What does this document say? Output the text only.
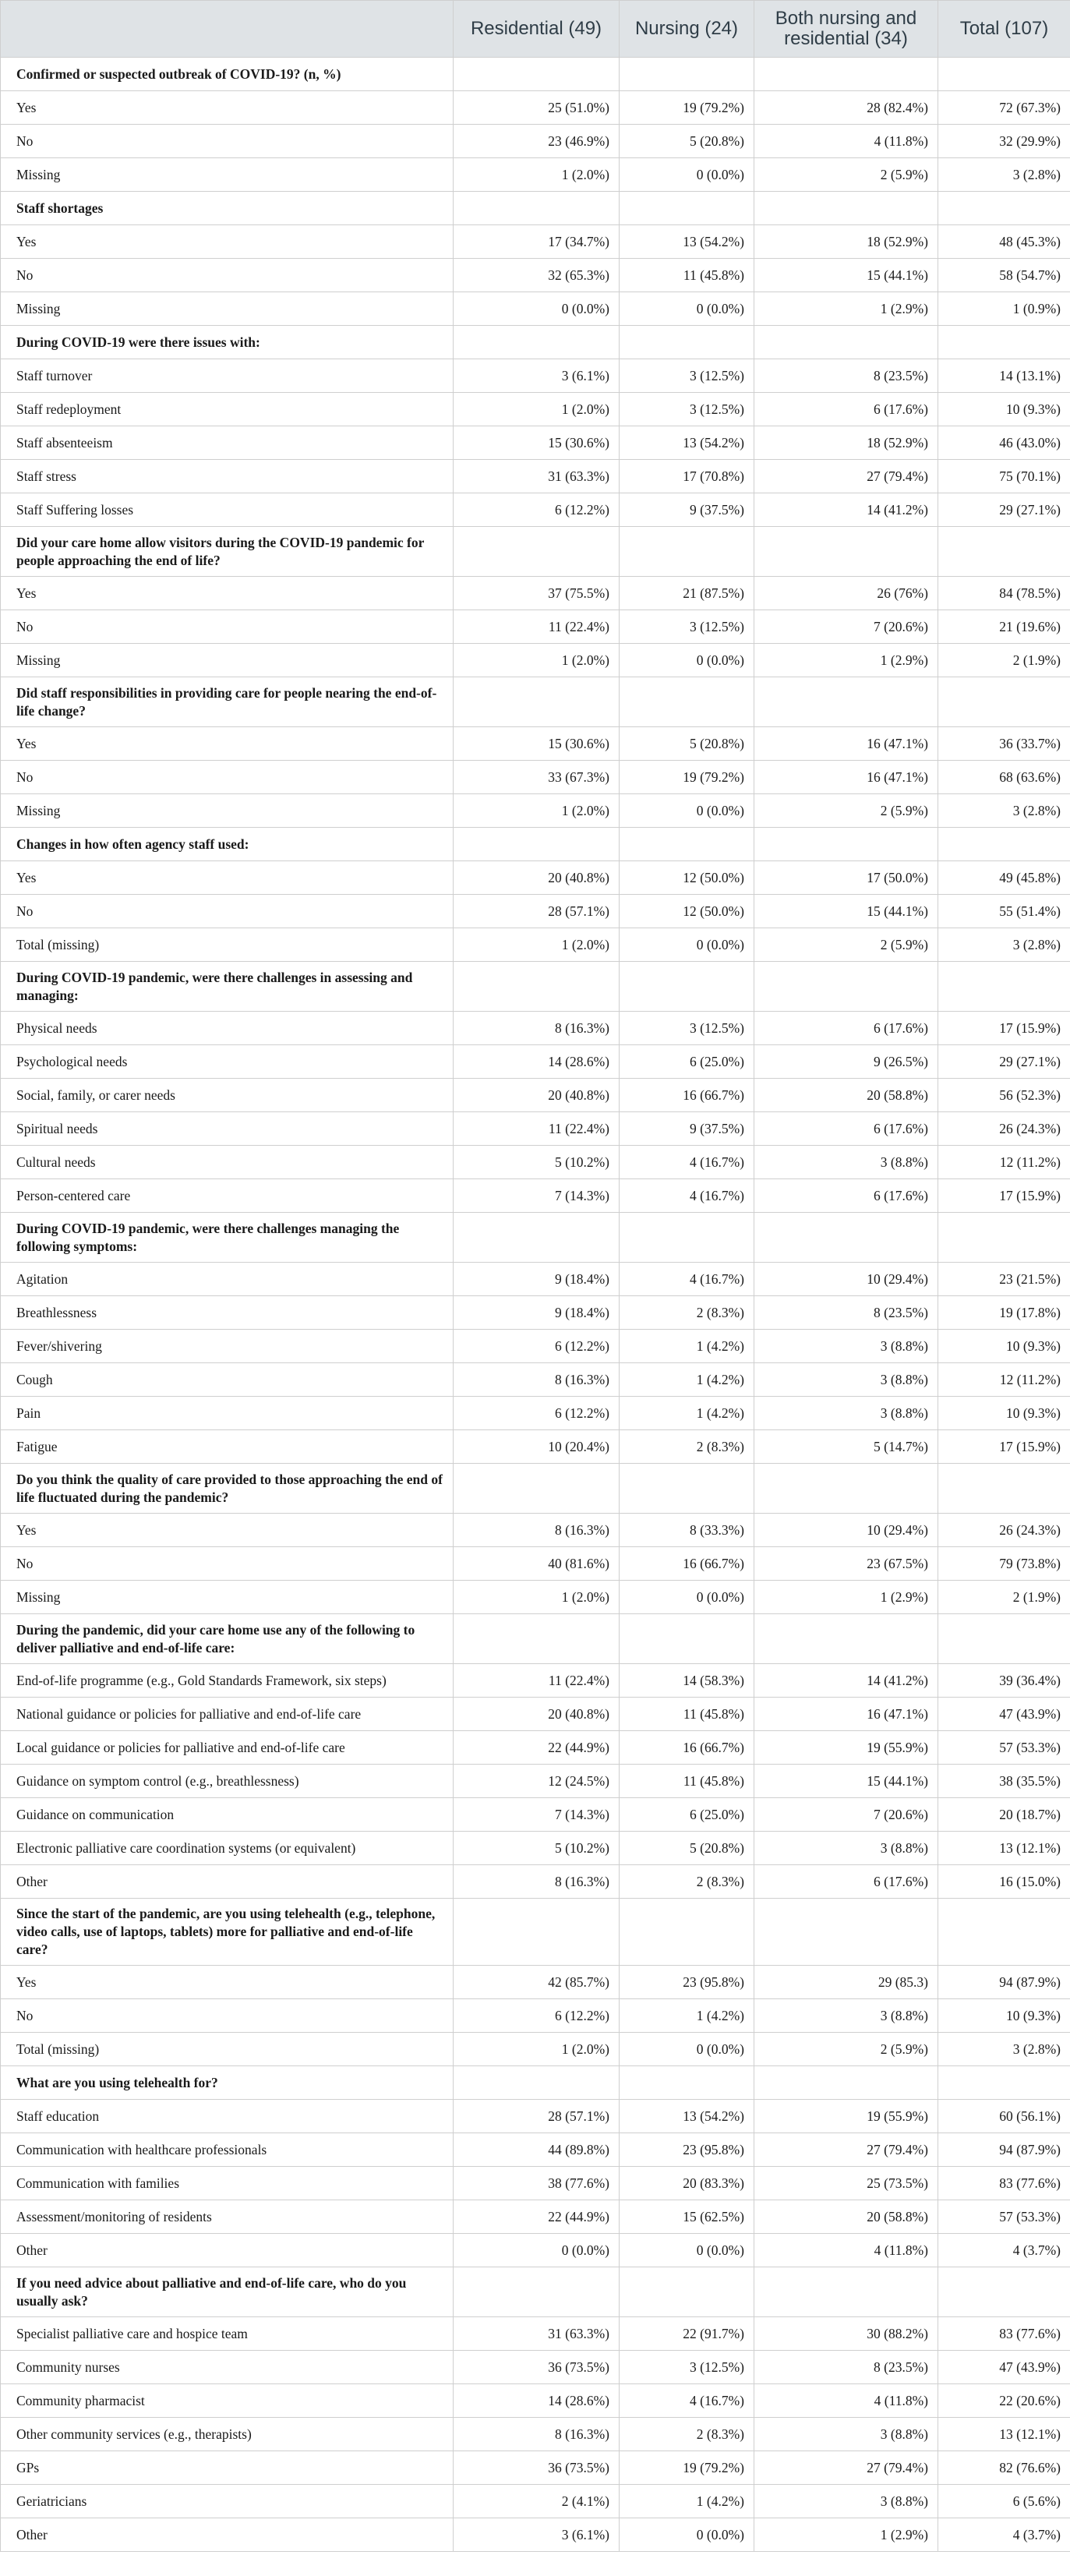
	Residential (49)	Nursing (24)	Both nursing and residential (34)	Total (107)
Confirmed or suspected outbreak of COVID-19? (n, %)				
Yes	25 (51.0%)	19 (79.2%)	28 (82.4%)	72 (67.3%)
No	23 (46.9%)	5 (20.8%)	4 (11.8%)	32 (29.9%)
Missing	1 (2.0%)	0 (0.0%)	2 (5.9%)	3 (2.8%)
Staff shortages				
Yes	17 (34.7%)	13 (54.2%)	18 (52.9%)	48 (45.3%)
No	32 (65.3%)	11 (45.8%)	15 (44.1%)	58 (54.7%)
Missing	0 (0.0%)	0 (0.0%)	1 (2.9%)	1 (0.9%)
During COVID-19 were there issues with:				
Staff turnover	3 (6.1%)	3 (12.5%)	8 (23.5%)	14 (13.1%)
Staff redeployment	1 (2.0%)	3 (12.5%)	6 (17.6%)	10 (9.3%)
Staff absenteeism	15 (30.6%)	13 (54.2%)	18 (52.9%)	46 (43.0%)
Staff stress	31 (63.3%)	17 (70.8%)	27 (79.4%)	75 (70.1%)
Staff Suffering losses	6 (12.2%)	9 (37.5%)	14 (41.2%)	29 (27.1%)
Did your care home allow visitors during the COVID-19 pandemic for people approaching the end of life?				
Yes	37 (75.5%)	21 (87.5%)	26 (76%)	84 (78.5%)
No	11 (22.4%)	3 (12.5%)	7 (20.6%)	21 (19.6%)
Missing	1 (2.0%)	0 (0.0%)	1 (2.9%)	2 (1.9%)
Did staff responsibilities in providing care for people nearing the end-of-life change?				
Yes	15 (30.6%)	5 (20.8%)	16 (47.1%)	36 (33.7%)
No	33 (67.3%)	19 (79.2%)	16 (47.1%)	68 (63.6%)
Missing	1 (2.0%)	0 (0.0%)	2 (5.9%)	3 (2.8%)
Changes in how often agency staff used:				
Yes	20 (40.8%)	12 (50.0%)	17 (50.0%)	49 (45.8%)
No	28 (57.1%)	12 (50.0%)	15 (44.1%)	55 (51.4%)
Total (missing)	1 (2.0%)	0 (0.0%)	2 (5.9%)	3 (2.8%)
During COVID-19 pandemic, were there challenges in assessing and managing:				
Physical needs	8 (16.3%)	3 (12.5%)	6 (17.6%)	17 (15.9%)
Psychological needs	14 (28.6%)	6 (25.0%)	9 (26.5%)	29 (27.1%)
Social, family, or carer needs	20 (40.8%)	16 (66.7%)	20 (58.8%)	56 (52.3%)
Spiritual needs	11 (22.4%)	9 (37.5%)	6 (17.6%)	26 (24.3%)
Cultural needs	5 (10.2%)	4 (16.7%)	3 (8.8%)	12 (11.2%)
Person-centered care	7 (14.3%)	4 (16.7%)	6 (17.6%)	17 (15.9%)
During COVID-19 pandemic, were there challenges managing the following symptoms:				
Agitation	9 (18.4%)	4 (16.7%)	10 (29.4%)	23 (21.5%)
Breathlessness	9 (18.4%)	2 (8.3%)	8 (23.5%)	19 (17.8%)
Fever/shivering	6 (12.2%)	1 (4.2%)	3 (8.8%)	10 (9.3%)
Cough	8 (16.3%)	1 (4.2%)	3 (8.8%)	12 (11.2%)
Pain	6 (12.2%)	1 (4.2%)	3 (8.8%)	10 (9.3%)
Fatigue	10 (20.4%)	2 (8.3%)	5 (14.7%)	17 (15.9%)
Do you think the quality of care provided to those approaching the end of life fluctuated during the pandemic?				
Yes	8 (16.3%)	8 (33.3%)	10 (29.4%)	26 (24.3%)
No	40 (81.6%)	16 (66.7%)	23 (67.5%)	79 (73.8%)
Missing	1 (2.0%)	0 (0.0%)	1 (2.9%)	2 (1.9%)
During the pandemic, did your care home use any of the following to deliver palliative and end-of-life care:				
End-of-life programme (e.g., Gold Standards Framework, six steps)	11 (22.4%)	14 (58.3%)	14 (41.2%)	39 (36.4%)
National guidance or policies for palliative and end-of-life care	20 (40.8%)	11 (45.8%)	16 (47.1%)	47 (43.9%)
Local guidance or policies for palliative and end-of-life care	22 (44.9%)	16 (66.7%)	19 (55.9%)	57 (53.3%)
Guidance on symptom control (e.g., breathlessness)	12 (24.5%)	11 (45.8%)	15 (44.1%)	38 (35.5%)
Guidance on communication	7 (14.3%)	6 (25.0%)	7 (20.6%)	20 (18.7%)
Electronic palliative care coordination systems (or equivalent)	5 (10.2%)	5 (20.8%)	3 (8.8%)	13 (12.1%)
Other	8 (16.3%)	2 (8.3%)	6 (17.6%)	16 (15.0%)
Since the start of the pandemic, are you using telehealth (e.g., telephone, video calls, use of laptops, tablets) more for palliative and end-of-life care?				
Yes	42 (85.7%)	23 (95.8%)	29 (85.3)	94 (87.9%)
No	6 (12.2%)	1 (4.2%)	3 (8.8%)	10 (9.3%)
Total (missing)	1 (2.0%)	0 (0.0%)	2 (5.9%)	3 (2.8%)
What are you using telehealth for?				
Staff education	28 (57.1%)	13 (54.2%)	19 (55.9%)	60 (56.1%)
Communication with healthcare professionals	44 (89.8%)	23 (95.8%)	27 (79.4%)	94 (87.9%)
Communication with families	38 (77.6%)	20 (83.3%)	25 (73.5%)	83 (77.6%)
Assessment/monitoring of residents	22 (44.9%)	15 (62.5%)	20 (58.8%)	57 (53.3%)
Other	0 (0.0%)	0 (0.0%)	4 (11.8%)	4 (3.7%)
If you need advice about palliative and end-of-life care, who do you usually ask?				
Specialist palliative care and hospice team	31 (63.3%)	22 (91.7%)	30 (88.2%)	83 (77.6%)
Community nurses	36 (73.5%)	3 (12.5%)	8 (23.5%)	47 (43.9%)
Community pharmacist	14 (28.6%)	4 (16.7%)	4 (11.8%)	22 (20.6%)
Other community services (e.g., therapists)	8 (16.3%)	2 (8.3%)	3 (8.8%)	13 (12.1%)
GPs	36 (73.5%)	19 (79.2%)	27 (79.4%)	82 (76.6%)
Geriatricians	2 (4.1%)	1 (4.2%)	3 (8.8%)	6 (5.6%)
Other	3 (6.1%)	0 (0.0%)	1 (2.9%)	4 (3.7%)
